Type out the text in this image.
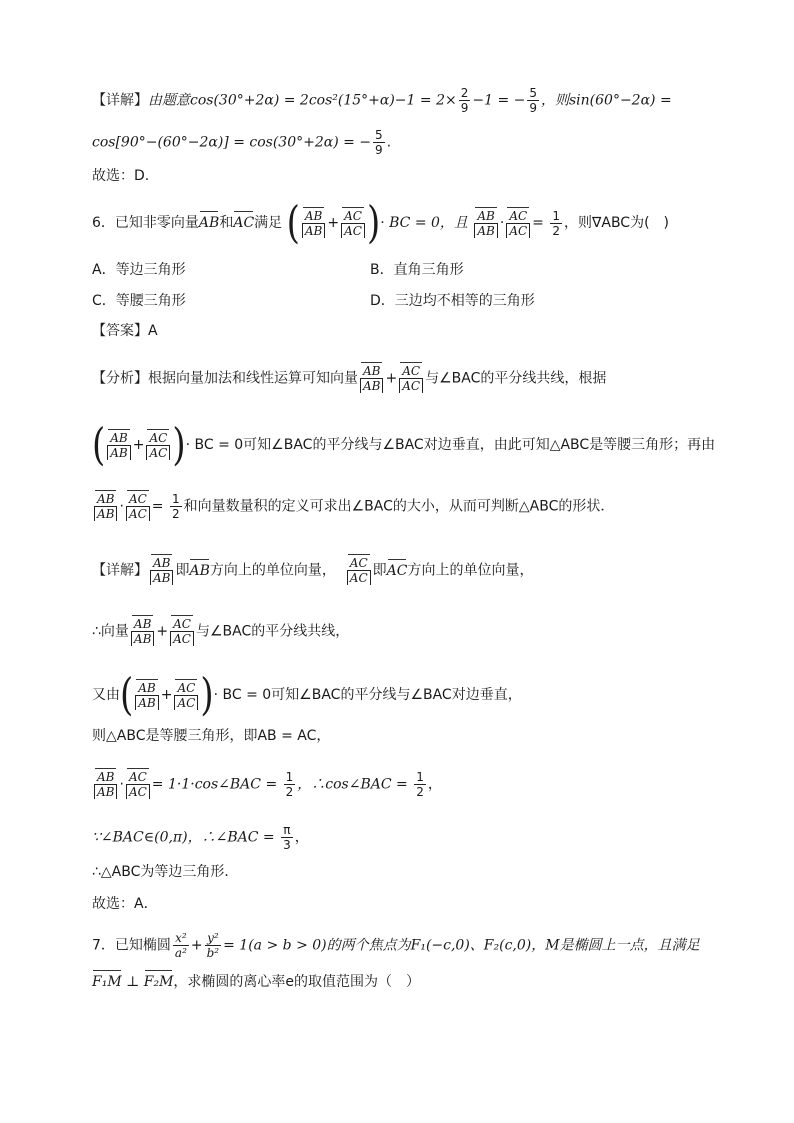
【详解】由题意$\cos(30^\circ+2\alpha) = 2\cos^2(15^\circ+\alpha)-1 = 2\times \frac{2}{9} -1$ = − $\frac{5}{9}$ ，则sin(60°−2α) =
cos[90°−(60°−2α)] = cos(30°+2α) = − $\frac{5}{9}$ .
故选：D.
6．已知非零向量AB和AC满足 ( $\frac{AB}{AB} + \frac{AC}{AC}$ )· BC = 0，且 $\frac{AB}{AB} \cdot \frac{AC}{AC} = \frac{1}{2}$ ，则∇ABC为(　)
A．等边三角形	B．直角三角形
C．等腰三角形	D．三边均不相等的三角形
【答案】A
【分析】根据向量加法和线性运算可知向量 $\frac{AB}{AB} + \frac{AC}{AC}$ 与∠BAC的平分线共线，根据
( $\frac{AB}{AB} + \frac{AC}{AC}$ )· BC = 0可知∠BAC的平分线与∠BAC对边垂直，由此可知△ABC是等腰三角形；再由
$\frac{AB}{AB} \cdot \frac{AC}{AC} = \frac{1}{2}$ 和向量数量积的定义可求出∠BAC的大小，从而可判断△ABC的形状．
【详解】 $\frac{AB}{AB}$ 即AB方向上的单位向量， $\frac{AC}{AC}$ 即AC方向上的单位向量，
∴向量 $\frac{AB}{AB} + \frac{AC}{AC}$ 与∠BAC的平分线共线，
又由( $\frac{AB}{AB} + \frac{AC}{AC}$ )· BC = 0可知∠BAC的平分线与∠BAC对边垂直，
则△ABC是等腰三角形，即AB = AC，
$\frac{AB}{AB} \cdot \frac{AC}{AC}$ = 1·1·cos∠BAC = $\frac{1}{2}$ ，∴cos∠BAC = $\frac{1}{2}$ ，
∵∠BAC∈(0,π)，∴∠BAC = $\frac{\pi}{3}$ ，
∴△ABC为等边三角形．
故选：A．
7．已知椭圆 $\frac{\text{x²}}{\text{a²}} + \frac{\text{y²}}{\text{b²}} = 1(a > b > 0)$的两个焦点为F₁(−c,0)、F₂(c,0)，M是椭圆上一点，且满足
F₁M ⊥ F₂M，求椭圆的离心率e的取值范围为（　）
